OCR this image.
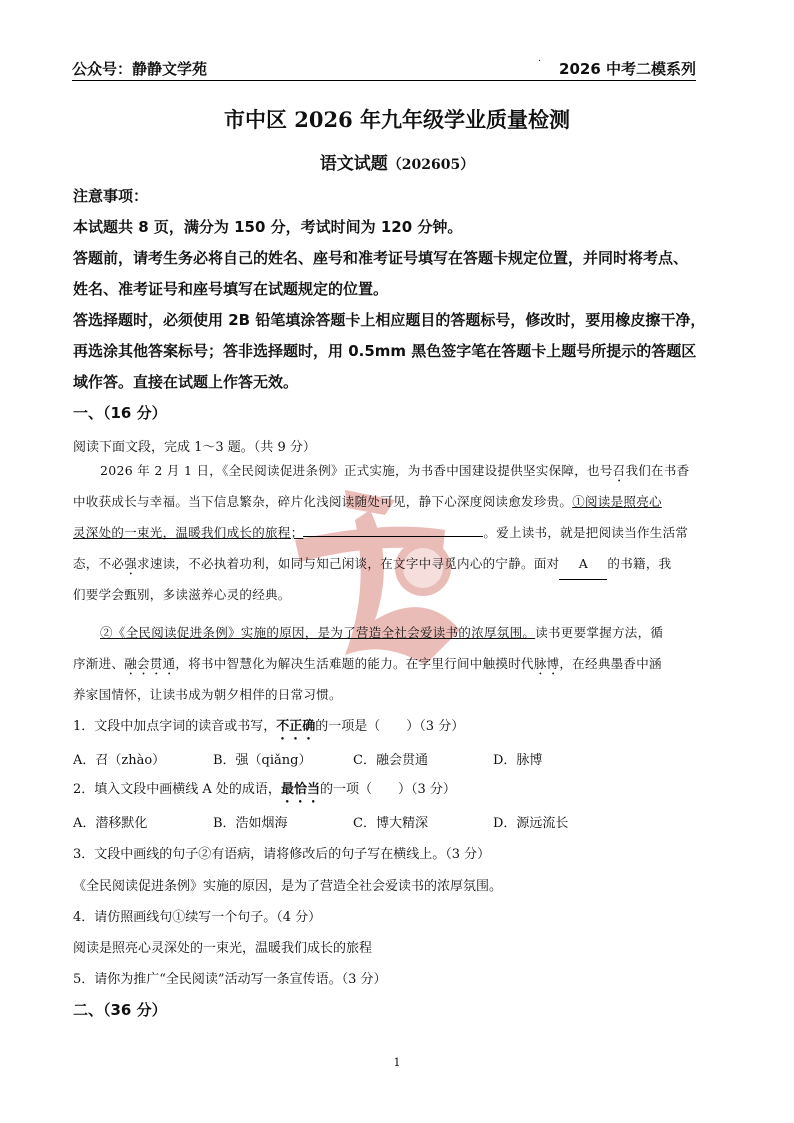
公众号：静静文学苑	· 2026 中考二模系列
市中区 2026 年九年级学业质量检测
语文试题（202605）
注意事项：
本试题共 8 页，满分为 150 分，考试时间为 120 分钟。
答题前，请考生务必将自己的姓名、座号和准考证号填写在答题卡规定位置，并同时将考点、
姓名、准考证号和座号填写在试题规定的位置。
答选择题时，必须使用 2B 铅笔填涂答题卡上相应题目的答题标号，修改时，要用橡皮擦干净，
再选涂其他答案标号；答非选择题时，用 0.5mm 黑色签字笔在答题卡上题号所提示的答题区
域作答。直接在试题上作答无效。
一、（16 分）
阅读下面文段，完成 1～3 题。（共 9 分）
2026 年 2 月 1 日，《全民阅读促进条例》正式实施，为书香中国建设提供坚实保障，也号召我们在书香
中收获成长与幸福。当下信息繁杂，碎片化浅阅读随处可见，静下心深度阅读愈发珍贵。①阅读是照亮心
灵深处的一束光，温暖我们成长的旅程；	。爱上读书，就是把阅读当作生活常
态，不必强求速读，不必执着功利，如同与知己闲谈，在文字中寻觅内心的宁静。面对 A 的书籍，我
们要学会甄别，多读滋养心灵的经典。
②《全民阅读促进条例》实施的原因，是为了营造全社会爱读书的浓厚氛围。读书更要掌握方法，循
序渐进、融会贯通，将书中智慧化为解决生活难题的能力。在字里行间中触摸时代脉博，在经典墨香中涵
养家国情怀，让读书成为朝夕相伴的日常习惯。
1．文段中加点字词的读音或书写，不正确的一项是（　　）（3 分）
A．召（zhào）	B．强（qiǎng）	C．融会贯通	D．脉博
2．填入文段中画横线 A 处的成语，最恰当的一项（　　）（3 分）
A．潜移默化	B．浩如烟海	C．博大精深	D．源远流长
3．文段中画线的句子②有语病，请将修改后的句子写在横线上。（3 分）
《全民阅读促进条例》实施的原因，是为了营造全社会爱读书的浓厚氛围。
4．请仿照画线句①续写一个句子。（4 分）
阅读是照亮心灵深处的一束光，温暖我们成长的旅程
5．请你为推广“全民阅读”活动写一条宣传语。（3 分）
二、（36 分）
1
